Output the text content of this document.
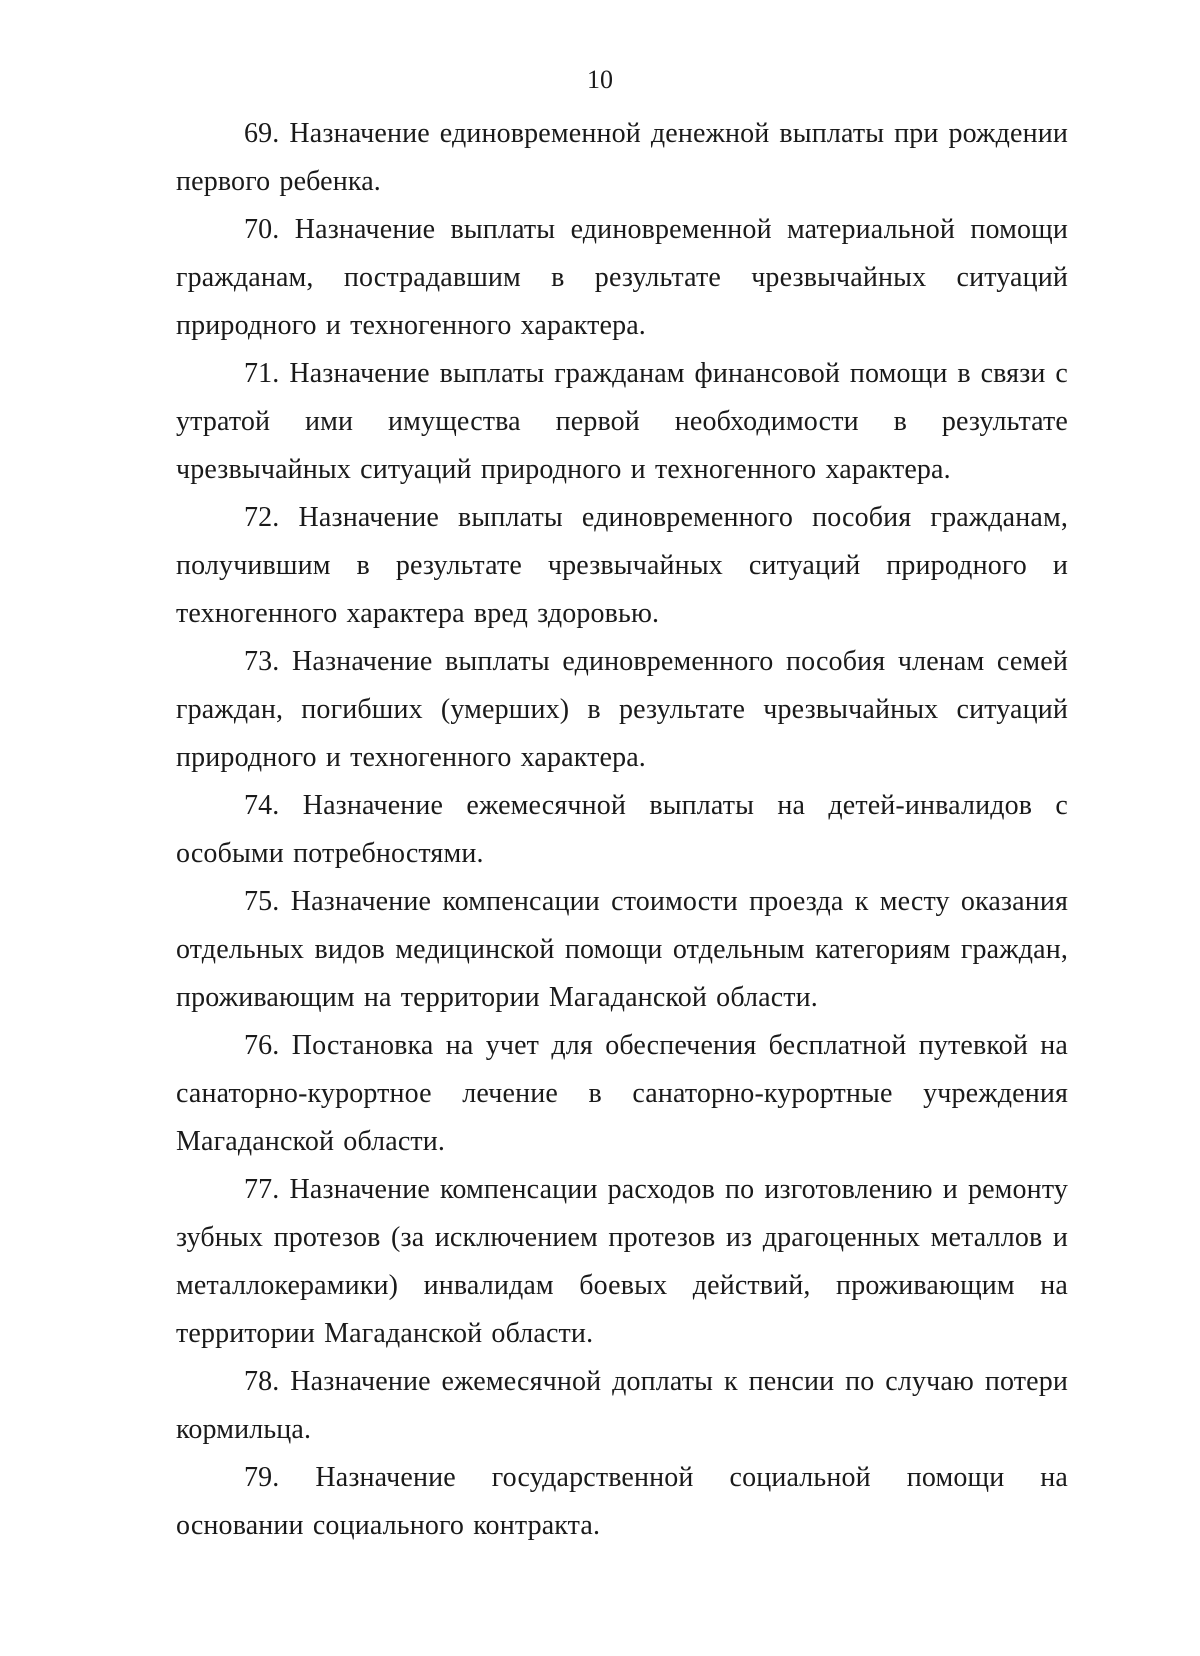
10

69. Назначение единовременной денежной выплаты при рождении первого ребенка.

70. Назначение выплаты единовременной материальной помощи гражданам, пострадавшим в результате чрезвычайных ситуаций природного и техногенного характера.

71. Назначение выплаты гражданам финансовой помощи в связи с утратой ими имущества первой необходимости в результате чрезвычайных ситуаций природного и техногенного характера.

72. Назначение выплаты единовременного пособия гражданам, получившим в результате чрезвычайных ситуаций природного и техногенного характера вред здоровью.

73. Назначение выплаты единовременного пособия членам семей граждан, погибших (умерших) в результате чрезвычайных ситуаций природного и техногенного характера.

74. Назначение ежемесячной выплаты на детей-инвалидов с особыми потребностями.

75. Назначение компенсации стоимости проезда к месту оказания отдельных видов медицинской помощи отдельным категориям граждан, проживающим на территории Магаданской области.

76. Постановка на учет для обеспечения бесплатной путевкой на санаторно-курортное лечение в санаторно-курортные учреждения Магаданской области.

77. Назначение компенсации расходов по изготовлению и ремонту зубных протезов (за исключением протезов из драгоценных металлов и металлокерамики) инвалидам боевых действий, проживающим на территории Магаданской области.

78. Назначение ежемесячной доплаты к пенсии по случаю потери кормильца.

79. Назначение государственной социальной помощи на основании социального контракта.
